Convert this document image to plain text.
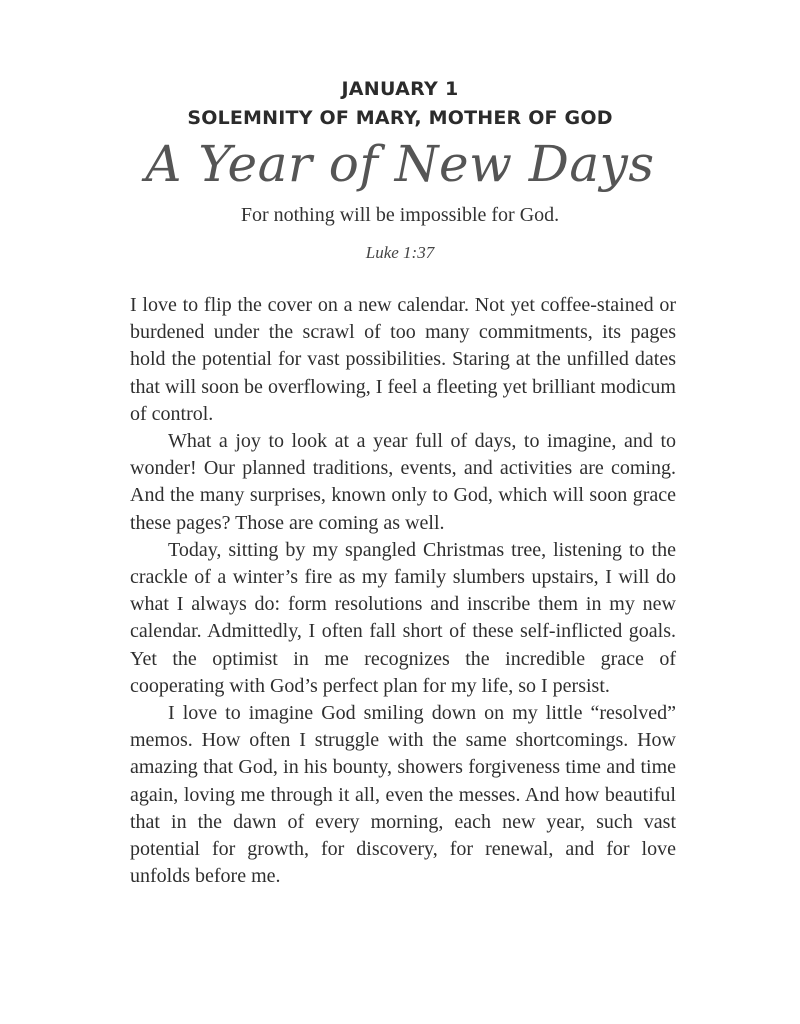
JANUARY 1
SOLEMNITY OF MARY, MOTHER OF GOD
A Year of New Days
For nothing will be impossible for God.
Luke 1:37

I love to flip the cover on a new calendar. Not yet coffee-stained or burdened under the scrawl of too many commitments, its pages hold the potential for vast possibilities. Staring at the unfilled dates that will soon be overflowing, I feel a fleeting yet brilliant modicum of control.

What a joy to look at a year full of days, to imagine, and to wonder! Our planned traditions, events, and activities are coming. And the many surprises, known only to God, which will soon grace these pages? Those are coming as well.

Today, sitting by my spangled Christmas tree, listening to the crackle of a winter’s fire as my family slumbers upstairs, I will do what I always do: form resolutions and inscribe them in my new calendar. Admittedly, I often fall short of these self-inflicted goals. Yet the optimist in me recognizes the incredible grace of cooperating with God’s perfect plan for my life, so I persist.

I love to imagine God smiling down on my little “resolved” memos. How often I struggle with the same shortcomings. How amazing that God, in his bounty, showers forgiveness time and time again, loving me through it all, even the messes. And how beautiful that in the dawn of every morning, each new year, such vast potential for growth, for discovery, for renewal, and for love unfolds before me.
